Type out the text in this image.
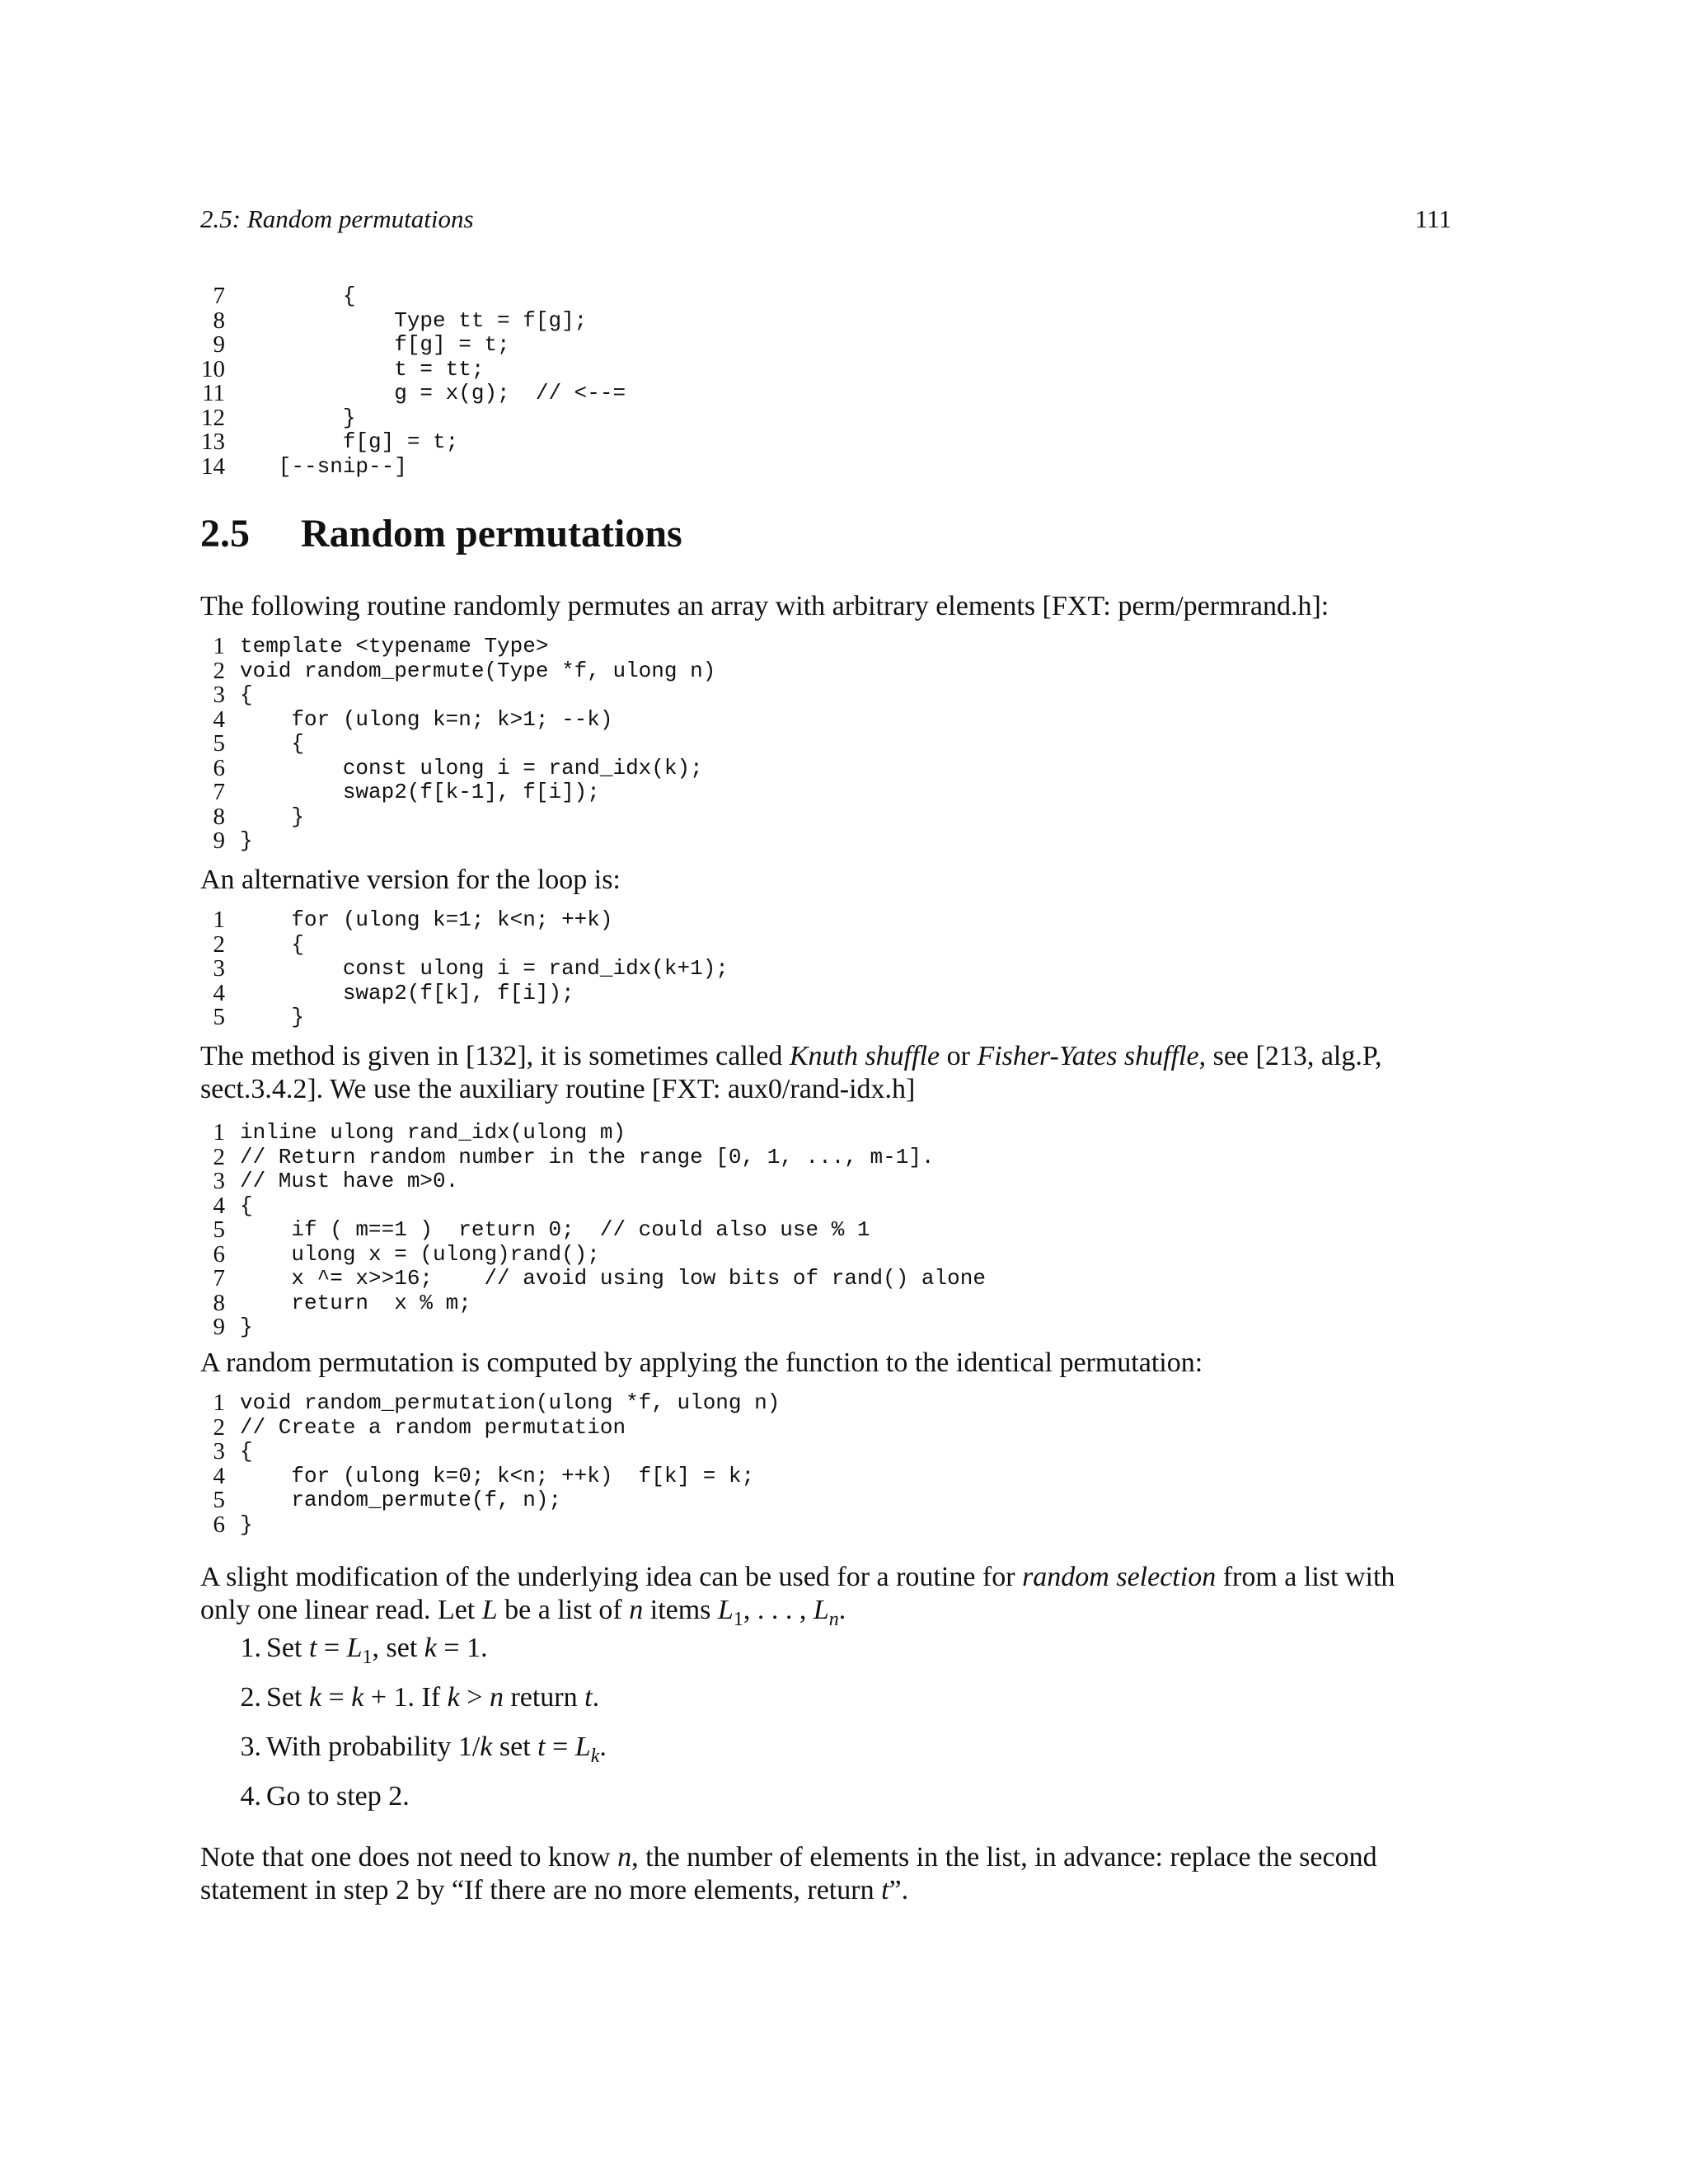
2.5: Random permutations	111
7 {
8 Type tt = f[g];
9 f[g] = t;
10 t = tt;
11 g = x(g);  // <--=
12 }
13 f[g] = t;
14 [--snip--]
2.5 Random permutations
The following routine randomly permutes an array with arbitrary elements [FXT: perm/permrand.h]:
1 template <typename Type>
2 void random_permute(Type *f, ulong n)
3 {
4 for (ulong k=n; k>1; --k)
5 {
6 const ulong i = rand_idx(k);
7 swap2(f[k-1], f[i]);
8 }
9 }
An alternative version for the loop is:
1 for (ulong k=1; k<n; ++k)
2 {
3 const ulong i = rand_idx(k+1);
4 swap2(f[k], f[i]);
5 }
The method is given in [132], it is sometimes called Knuth shuffle or Fisher-Yates shuffle, see [213, alg.P, sect.3.4.2]. We use the auxiliary routine [FXT: aux0/rand-idx.h]
1 inline ulong rand_idx(ulong m)
2 // Return random number in the range [0, 1, ..., m-1].
3 // Must have m>0.
4 {
5 if ( m==1 )  return 0;  // could also use % 1
6 ulong x = (ulong)rand();
7 x ^= x>>16;    // avoid using low bits of rand() alone
8 return  x % m;
9 }
A random permutation is computed by applying the function to the identical permutation:
1 void random_permutation(ulong *f, ulong n)
2 // Create a random permutation
3 {
4 for (ulong k=0; k<n; ++k)  f[k] = k;
5 random_permute(f, n);
6 }
A slight modification of the underlying idea can be used for a routine for random selection from a list with only one linear read. Let L be a list of n items $L_1$, . . . , $L_n$.
1. Set $t = L_1$, set k = 1.
2. Set k = k + 1. If k > n return t.
3. With probability 1/k set $t = L_k$.
4. Go to step 2.
Note that one does not need to know n, the number of elements in the list, in advance: replace the second statement in step 2 by “If there are no more elements, return t”.
